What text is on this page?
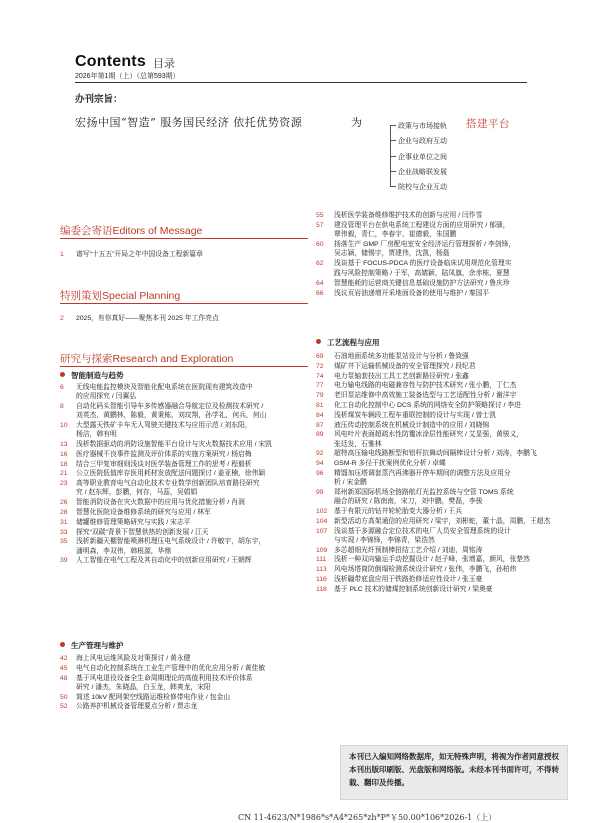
Contents 目录
2026年第1期（上）（总第593期）
办刊宗旨：
宏扬中国“智造” 服务国民经济 依托优势资源	为	搭建平台
政策与市场接轨
企业与政府互动
企事业单位之间
企业战略联发展
院校与企业互动
编委会寄语Editors of Message
1	谱写“十五五”开局之年中国设备工程新篇章
特别策划Special Planning
2	2025，有你真好——聚焦本刊 2025 年工作亮点
研究与探索Research and Exploration
智能制造与趋势
6 无线电能监控模块及智能化配电系统在医院现有建筑改造中
的应用探究 / 闫翼弘
8 自动化码头智能引导车多传感器融合导航定位及检测技术研究 /
刘英杰，黄鹏林，陈毅，黄秉栋，刘玟翔，孙学礼，何兵，何山
10 大型露天铁矿卡车无人驾驶关键技术与应用示范 / 刘东阳，
杨洁，韩有明
13 浅析数据驱动的消防设施智能平台设计与灾火数据技术应用 / 宋凯
16 医疗器械不良事件监测及评价体系的实施方案研究 / 杨启梅
18 结合三甲复审细则浅谈对医学装备管理工作的思考 / 程毅析
21 公立医院低值库存医用耗材发放配送问题探讨 / 姜亚楠，徐伟颖
23 高等职业教育电气自动化技术专业数学创新团队培育路径研究
究 / 赵东辉，彭鹏，何存，马蕊，吴娟娟
26 智能消防设备在灾火数据中的应用与优化措施分析 / 肖润
28 智慧化医院设备维修系统的研究与应用 / 林军
31 储罐维修管理策略研究与实践 / 宋志平
33 探究“双碳”背景下智慧供热的创新发展 / 江天
35 浅析新疆天棚智能喷淋机理压电气系统设计 / 许敏宇，胡东宇，
潘明森，李双伟，韩根源，华鼎
39 人工智能在电气工程及其自动化中的创新应用研究 / 王朝辉
生产管理与维护
42 海上风电运维风险及对策探讨 / 黄永健
45 电气自动化控制系统在工业生产管理中的优化应用分析 / 黄佳敏
48 基于风电退役设备全生命周期理论的高值利用技术评价体系
研究 / 潘杰，朱晓晶，白玉龙，韩爽龙，宋阳
50 简述 10kV 配网架空线路运维检修带电作业 / 包金山
52 公路养护机械设备管理要点分析 / 贾志龙
55 浅析医学装备维修维护技术的创新与应用 / 闫作雪
57 建设管理平台在供电系统工程建设方面的应用研究 / 郁骚，
覃伟毅，青仁，李春宇，崔德毅，朱国鹏
60 扬落生产 GMP 厂房配电室安全经济运行管理探析 / 李剑锋，
吴志颖，储锡宇，贾建伟，沈凯，杨磊
62 浅谈基于 FOCUS-PDCA 的医疗设备临床试用规范化管理实
践与风险控制策略 / 于军，高婧颖，陆凤旗，余赤栋，夏慧
64 智慧能耗的运营商关键信息基础设施防护方法研究 / 鲁庆珍
66 浅议页岩油递增开采地面设备的使用与维护 / 秦国平
工艺流程与应用
69 石油地面系统多功能泵站设计与分析 / 鲁致强
72 煤矿井下运输机械设备的安全管理探究 / 段纪君
74 电力泵轴套技出工具工艺创新路径研究 / 张鑫
77 电力输电线路的电磁兼容性与防护技术研究 / 张小鹏，丁仁杰
79 老旧泵站维修中高效施工装备选型与工艺适配性分析 / 谢洋宇
81 化工自动化控制中心 DCS 系统的网络安全防护策略探讨 / 李进
84 浅析煤炭车辆段工程车重联控制的设计与实现 / 曾士凯
87 液压传动控制系统在机械设计制造中的应用 / 刘晓锦
89 风电叶片表面超疏水性防覆冰涂层性能研究 / 艾显强，黄骏义，
张廷发，石雅林
92 超特高压输电线路断型和铝杆抗舞动间隔棒设计分析 / 刘涛，李鹏飞
94 GSM-R 多径干扰案例优化分析 / 卓蝶
96 精馏加压塔调套蒸汽再沸器开停车期间的调整方法及应用分
析 / 宋金鹏
99 郑州新郑国际机场全链路航灯光监控系统与空管 TOMS 系统
融合的研究 / 陈南南，宋刀，刘中鹏，樊磊，李骏
102 基于有限元的钻井轮轮胎变大器分析 / 王兵
104 新型活动方高架通信的应用研究 / 梁宇，刘彬蛇，董十晶，周鹏，王超杰
107 浅谈基于多源融合定位技术的电厂人员安全管理系统的设计
与实现 / 李锦锋，李锦青，梁浩然
109 多芯超细光纤预制棒扭结工艺介绍 / 刘迪，周铭涛
111 浅析一种双向输运手动挖掘设计 / 赵子峰，张增嘉，颜风，张楚然
113 风电场塔筒防倒塌检测系统设计研究 / 张伟，李鹏飞，孙柏炜
116 浅析疆带底盘应用于铁路抢修适应性设计 / 张玉豪
118 基于 PLC 技术的储煤控制系统创新设计研究 / 梁奥豪
本刊已入编知网络数据库，如无特殊声明，将视为作者同意授权本刊出版印刷版、光盘版和网络版。未经本刊书面许可，不得转载、翻印及传播。
CN 11-4623/N*1986*s*A4*265*zh*P*￥50.00*106*2026-1（上）
